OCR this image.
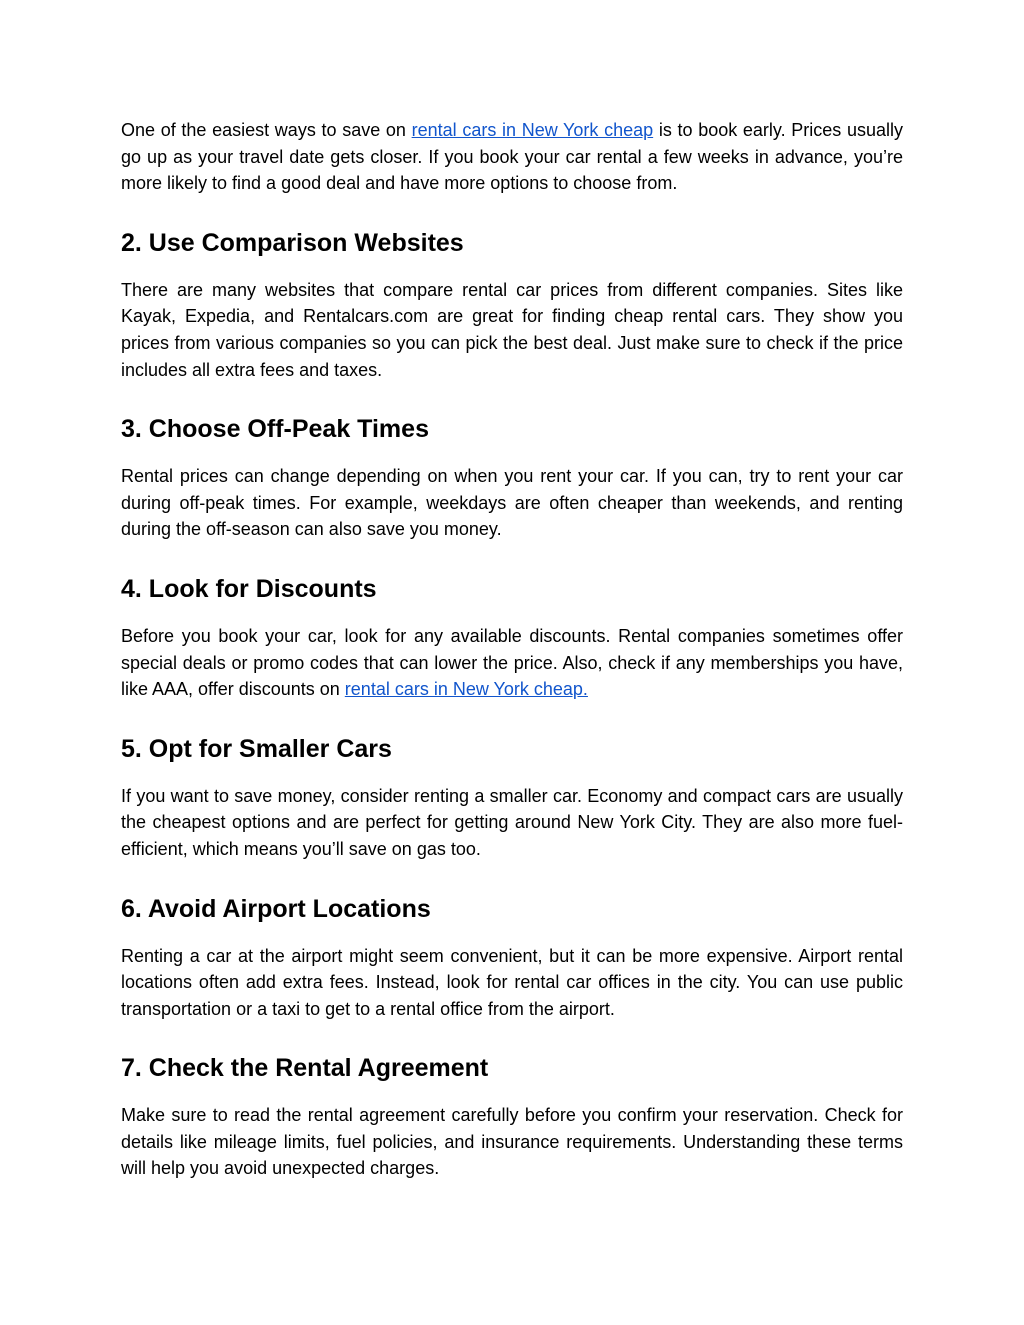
One of the easiest ways to save on rental cars in New York cheap is to book early. Prices usually go up as your travel date gets closer. If you book your car rental a few weeks in advance, you’re more likely to find a good deal and have more options to choose from.

2. Use Comparison Websites

There are many websites that compare rental car prices from different companies. Sites like Kayak, Expedia, and Rentalcars.com are great for finding cheap rental cars. They show you prices from various companies so you can pick the best deal. Just make sure to check if the price includes all extra fees and taxes.

3. Choose Off-Peak Times

Rental prices can change depending on when you rent your car. If you can, try to rent your car during off-peak times. For example, weekdays are often cheaper than weekends, and renting during the off-season can also save you money.

4. Look for Discounts

Before you book your car, look for any available discounts. Rental companies sometimes offer special deals or promo codes that can lower the price. Also, check if any memberships you have, like AAA, offer discounts on rental cars in New York cheap.

5. Opt for Smaller Cars

If you want to save money, consider renting a smaller car. Economy and compact cars are usually the cheapest options and are perfect for getting around New York City. They are also more fuel-efficient, which means you’ll save on gas too.

6. Avoid Airport Locations

Renting a car at the airport might seem convenient, but it can be more expensive. Airport rental locations often add extra fees. Instead, look for rental car offices in the city. You can use public transportation or a taxi to get to a rental office from the airport.

7. Check the Rental Agreement

Make sure to read the rental agreement carefully before you confirm your reservation. Check for details like mileage limits, fuel policies, and insurance requirements. Understanding these terms will help you avoid unexpected charges.
